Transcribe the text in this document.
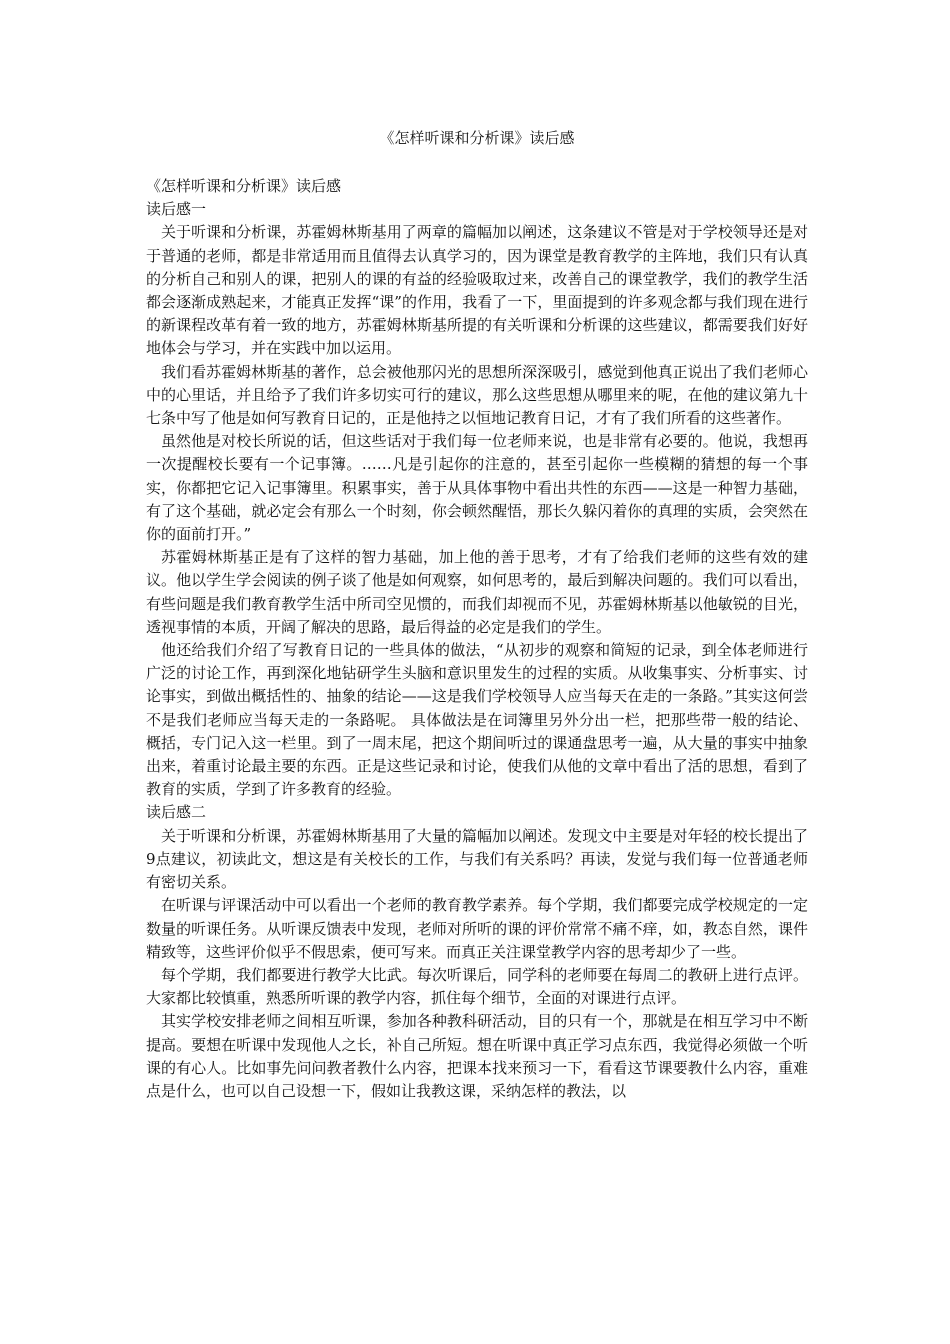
《怎样听课和分析课》读后感

《怎样听课和分析课》读后感

读后感一

关于听课和分析课，苏霍姆林斯基用了两章的篇幅加以阐述，这条建议不管是对于学校领导还是对于普通的老师，都是非常适用而且值得去认真学习的，因为课堂是教育教学的主阵地，我们只有认真的分析自己和别人的课，把别人的课的有益的经验吸取过来，改善自己的课堂教学，我们的教学生活都会逐渐成熟起来，才能真正发挥“课”的作用，我看了一下，里面提到的许多观念都与我们现在进行的新课程改革有着一致的地方，苏霍姆林斯基所提的有关听课和分析课的这些建议，都需要我们好好地体会与学习，并在实践中加以运用。

我们看苏霍姆林斯基的著作，总会被他那闪光的思想所深深吸引，感觉到他真正说出了我们老师心中的心里话，并且给予了我们许多切实可行的建议，那么这些思想从哪里来的呢，在他的建议第九十七条中写了他是如何写教育日记的，正是他持之以恒地记教育日记，才有了我们所看的这些著作。

虽然他是对校长所说的话，但这些话对于我们每一位老师来说，也是非常有必要的。他说，我想再一次提醒校长要有一个记事簿。……凡是引起你的注意的，甚至引起你一些模糊的猜想的每一个事实，你都把它记入记事簿里。积累事实，善于从具体事物中看出共性的东西——这是一种智力基础，有了这个基础，就必定会有那么一个时刻，你会顿然醒悟，那长久躲闪着你的真理的实质，会突然在你的面前打开。”

苏霍姆林斯基正是有了这样的智力基础，加上他的善于思考，才有了给我们老师的这些有效的建议。他以学生学会阅读的例子谈了他是如何观察，如何思考的，最后到解决问题的。我们可以看出，有些问题是我们教育教学生活中所司空见惯的，而我们却视而不见，苏霍姆林斯基以他敏锐的目光，透视事情的本质，开阔了解决的思路，最后得益的必定是我们的学生。

他还给我们介绍了写教育日记的一些具体的做法，“从初步的观察和简短的记录，到全体老师进行广泛的讨论工作，再到深化地钻研学生头脑和意识里发生的过程的实质。从收集事实、分析事实、讨论事实，到做出概括性的、抽象的结论——这是我们学校领导人应当每天在走的一条路。”其实这何尝不是我们老师应当每天走的一条路呢。 具体做法是在词簿里另外分出一栏，把那些带一般的结论、概括，专门记入这一栏里。到了一周末尾，把这个期间听过的课通盘思考一遍，从大量的事实中抽象出来，着重讨论最主要的东西。正是这些记录和讨论，使我们从他的文章中看出了活的思想，看到了教育的实质，学到了许多教育的经验。

读后感二

关于听课和分析课，苏霍姆林斯基用了大量的篇幅加以阐述。发现文中主要是对年轻的校长提出了9点建议，初读此文，想这是有关校长的工作，与我们有关系吗？再读，发觉与我们每一位普通老师有密切关系。

在听课与评课活动中可以看出一个老师的教育教学素养。每个学期，我们都要完成学校规定的一定数量的听课任务。从听课反馈表中发现，老师对所听的课的评价常常不痛不痒，如，教态自然，课件精致等，这些评价似乎不假思索，便可写来。而真正关注课堂教学内容的思考却少了一些。

每个学期，我们都要进行教学大比武。每次听课后，同学科的老师要在每周二的教研上进行点评。大家都比较慎重，熟悉所听课的教学内容，抓住每个细节，全面的对课进行点评。

其实学校安排老师之间相互听课，参加各种教科研活动，目的只有一个，那就是在相互学习中不断提高。要想在听课中发现他人之长，补自己所短。想在听课中真正学习点东西，我觉得必须做一个听课的有心人。比如事先问问教者教什么内容，把课本找来预习一下，看看这节课要教什么内容，重难点是什么，也可以自己设想一下，假如让我教这课，采纳怎样的教法，以
